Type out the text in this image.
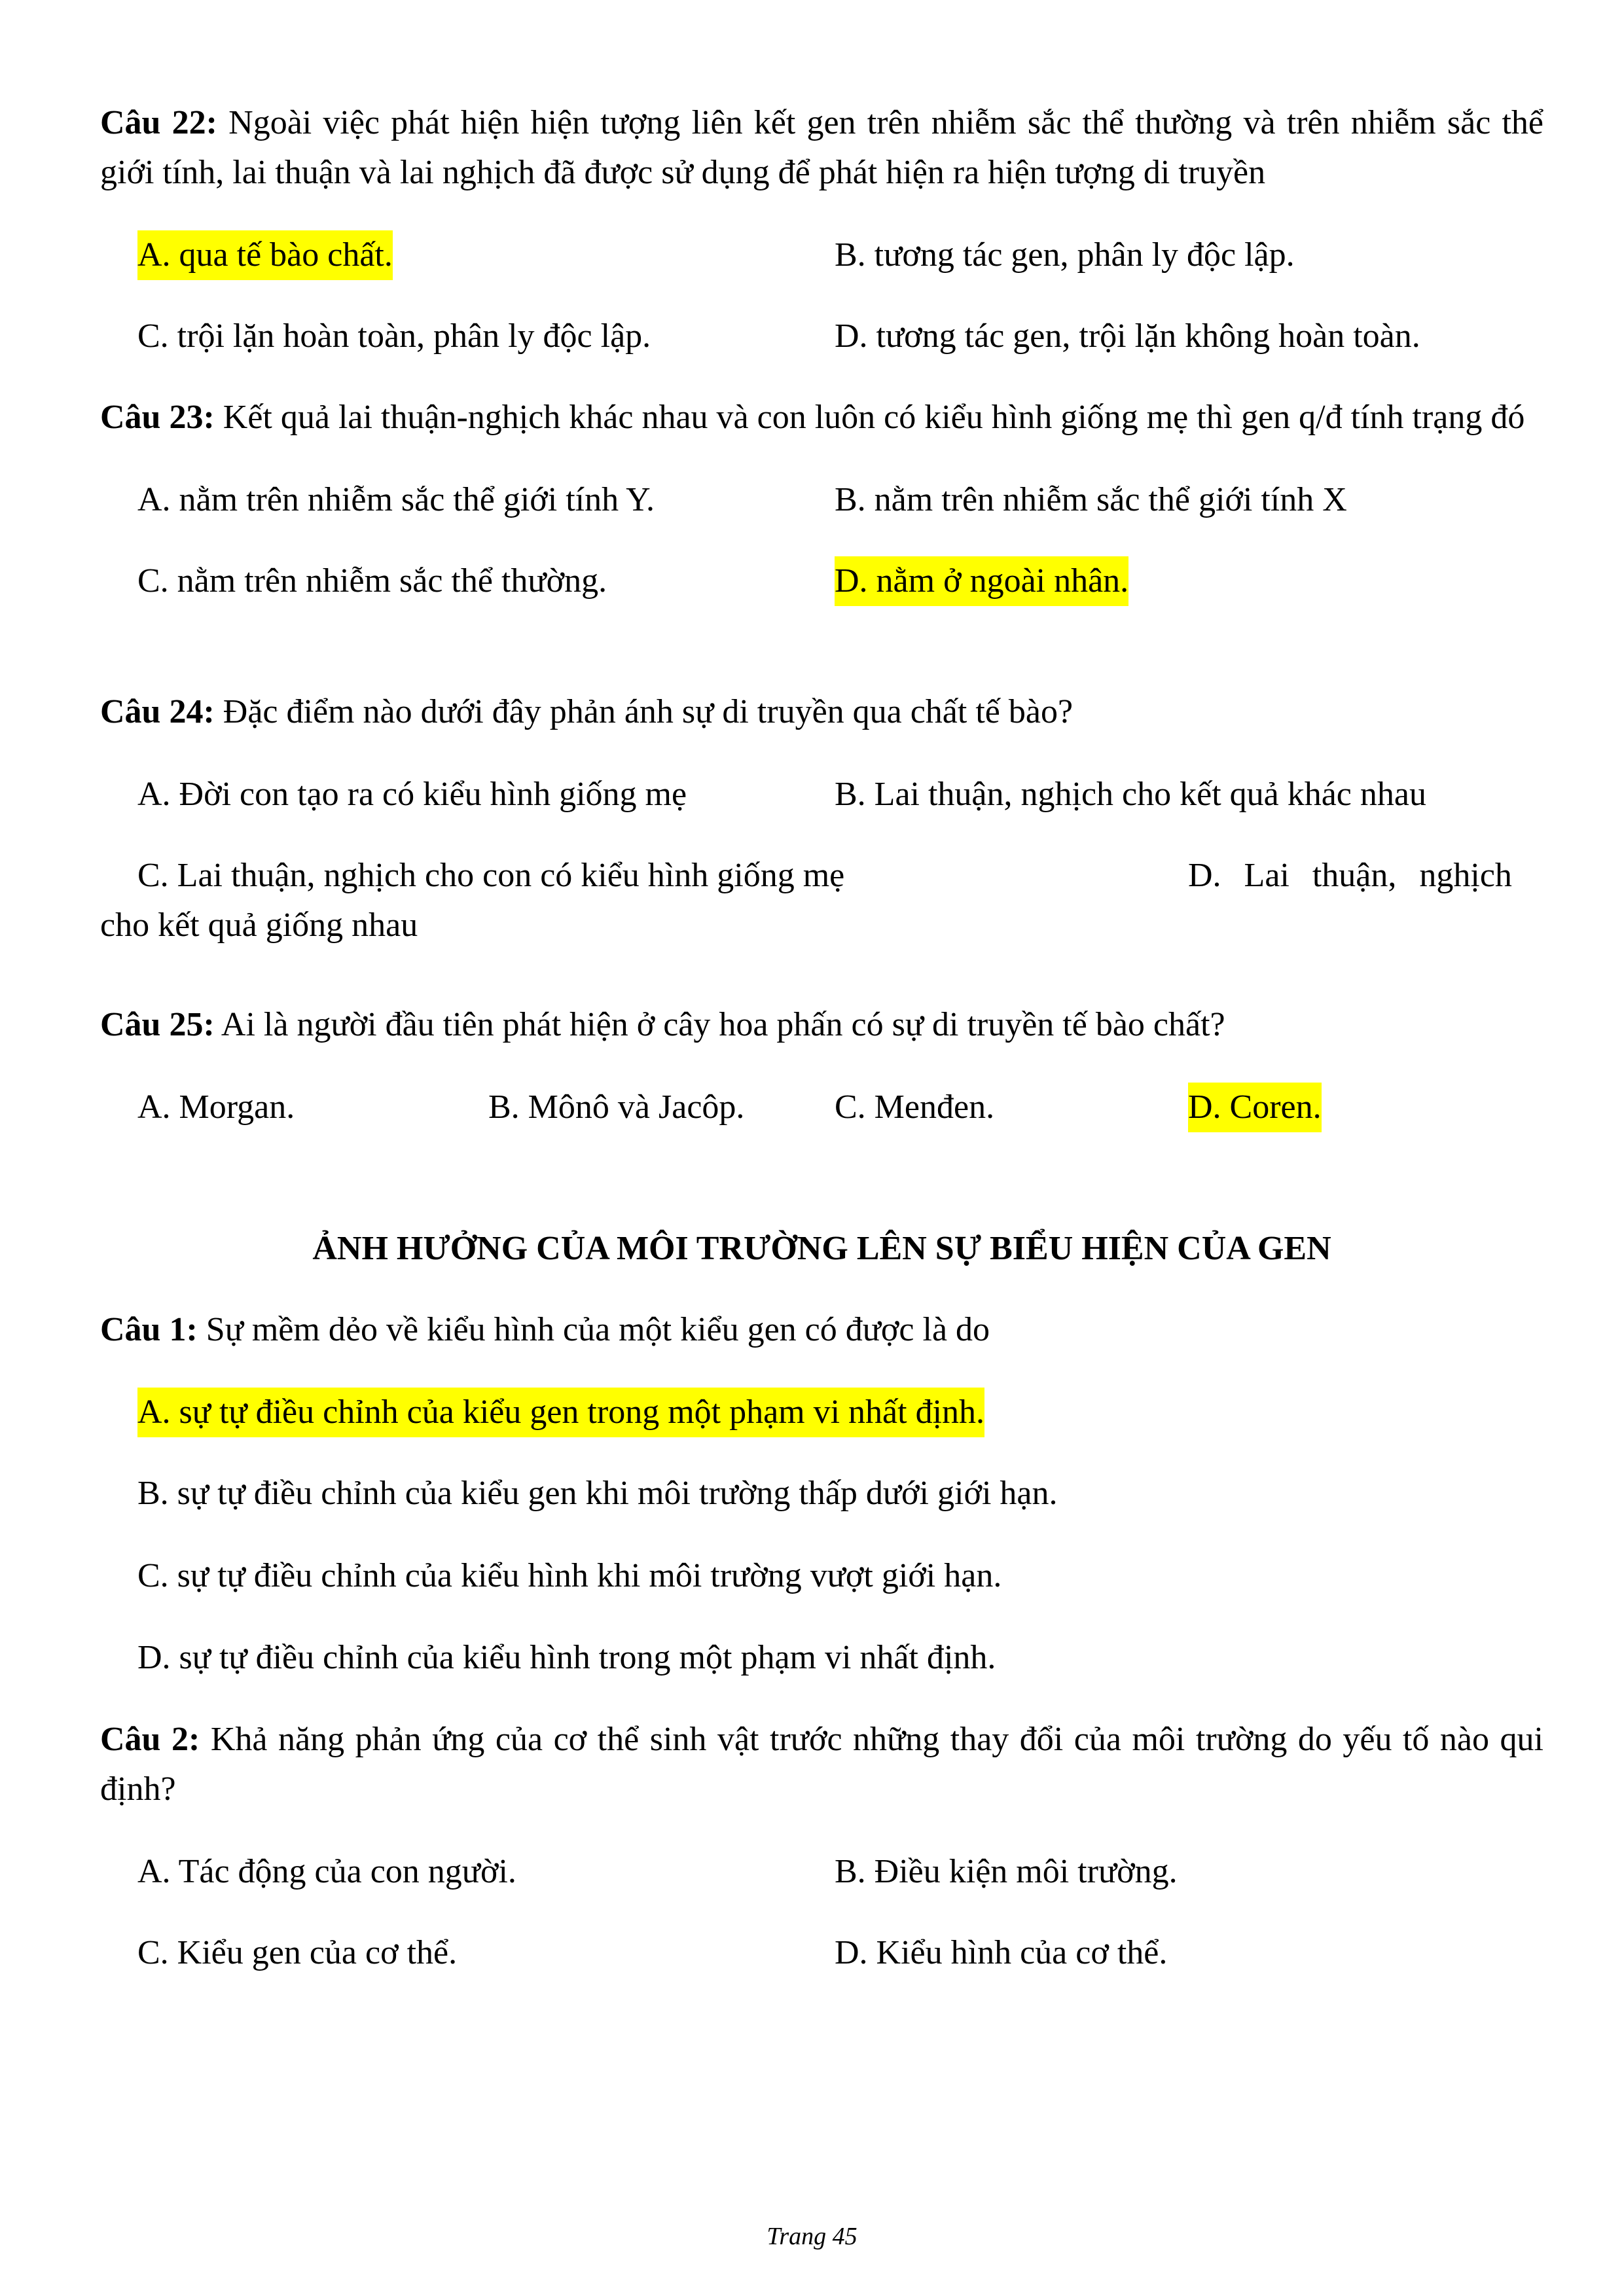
Câu 22: Ngoài việc phát hiện hiện tượng liên kết gen trên nhiễm sắc thể thường và trên nhiễm sắc thể giới tính, lai thuận và lai nghịch đã được sử dụng để phát hiện ra hiện tượng di truyền

A. qua tế bào chất.	B. tương tác gen, phân ly độc lập.
C. trội lặn hoàn toàn, phân ly độc lập.	D. tương tác gen, trội lặn không hoàn toàn.

Câu 23: Kết quả lai thuận-nghịch khác nhau và con luôn có kiểu hình giống mẹ thì gen q/đ tính trạng đó

A. nằm trên nhiễm sắc thể giới tính Y.	B. nằm trên nhiễm sắc thể giới tính X
C. nằm trên nhiễm sắc thể thường.	D. nằm ở ngoài nhân.

Câu 24: Đặc điểm nào dưới đây phản ánh sự di truyền qua chất tế bào?

A. Đời con tạo ra có kiểu hình giống mẹ	B. Lai thuận, nghịch cho kết quả khác nhau
C. Lai thuận, nghịch cho con có kiểu hình giống mẹ	D. Lai thuận, nghịch
cho kết quả giống nhau

Câu 25: Ai là người đầu tiên phát hiện ở cây hoa phấn có sự di truyền tế bào chất?

A. Morgan.	B. Mônô và Jacôp.	C. Menđen.	D. Coren.
ẢNH HƯỞNG CỦA MÔI TRƯỜNG LÊN SỰ BIỂU HIỆN CỦA GEN

Câu 1: Sự mềm dẻo về kiểu hình của một kiểu gen có được là do

A. sự tự điều chỉnh của kiểu gen trong một phạm vi nhất định.
B. sự tự điều chỉnh của kiểu gen khi môi trường thấp dưới giới hạn.
C. sự tự điều chỉnh của kiểu hình khi môi trường vượt giới hạn.
D. sự tự điều chỉnh của kiểu hình trong một phạm vi nhất định.

Câu 2: Khả năng phản ứng của cơ thể sinh vật trước những thay đổi của môi trường do yếu tố nào qui định?

A. Tác động của con người.	B. Điều kiện môi trường.
C. Kiểu gen của cơ thể.	D. Kiểu hình của cơ thể.
Trang 45
